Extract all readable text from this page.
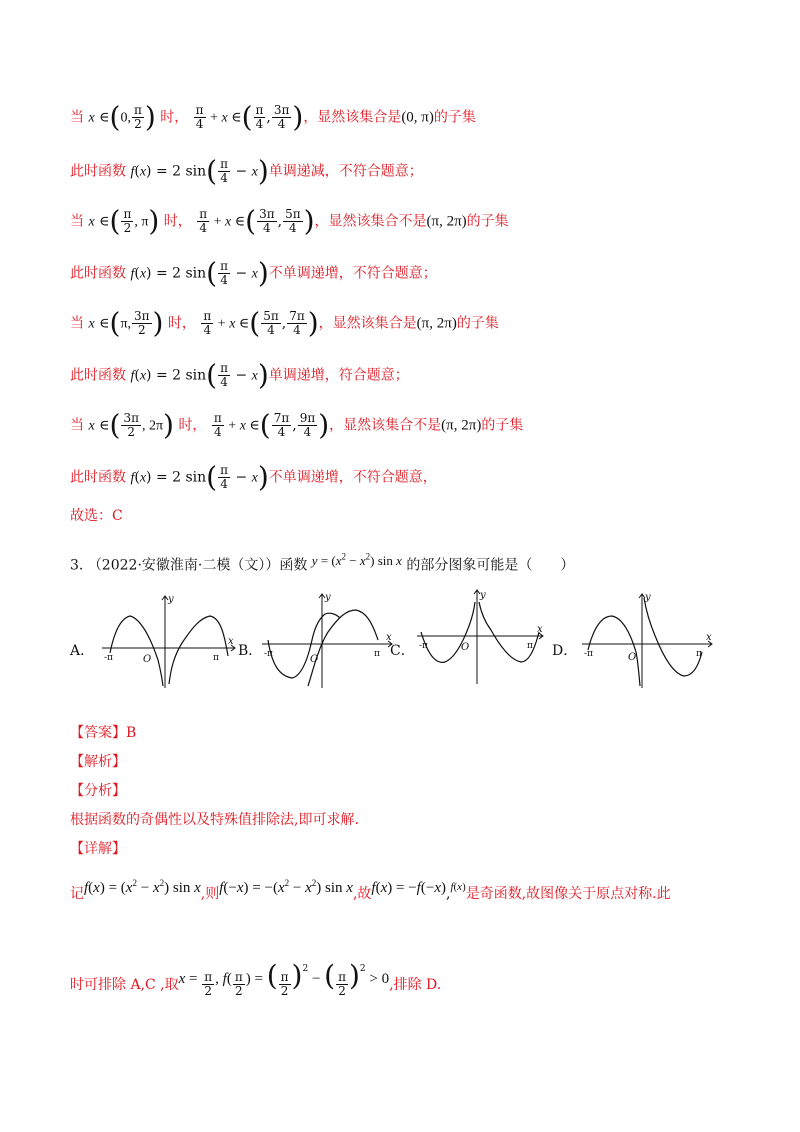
当 x ∈(0, $\frac{\pi}{2}$ ) 时， $\frac{\pi}{4} + x$ ∈( $\frac{\pi}{4}$ , $\frac{3\pi}{4}$ )，显然该集合是(0, π)的子集
此时函数 f(x) = 2 $\sin( \frac{\pi}{4} - x)$单调递减，不符合题意；
当 x ∈( $\frac{\pi}{2}$ , π) 时， $\frac{\pi}{4} + x$ ∈( $\frac{3\pi}{4}$ , $\frac{5\pi}{4}$ )，显然该集合不是(π, 2π)的子集
此时函数 f(x) = 2 $\sin( \frac{\pi}{4} - x)$不单调递增，不符合题意；
当 x ∈(π, $\frac{3\pi}{2}$ ) 时， $\frac{\pi}{4} + x$ ∈( $\frac{5\pi}{4}$ , $\frac{7\pi}{4}$ )，显然该集合是(π, 2π)的子集
此时函数 f(x) = 2 $\sin( \frac{\pi}{4} - x)$单调递增，符合题意；
当 x ∈( $\frac{3\pi}{2}$ , 2π) 时， $\frac{\pi}{4} + x$ ∈( $\frac{7\pi}{4}$ , $\frac{9\pi}{4}$ )，显然该集合不是(π, 2π)的子集
此时函数 f(x) = 2 $\sin( \frac{\pi}{4} - x)$不单调递增，不符合题意，
故选：C
3. （2022·安徽淮南·二模（文））函数 $y = (x^2 - x^2)$ sin x 的部分图象可能是（　　）
A．	B．	C．	D．
y
x
O
-π	π
y
x
O
-π	π
y
x
O
-π	π
y
x
O
-π	π
【答案】B
【解析】
【分析】
根据函数的奇偶性以及特殊值排除法,即可求解.
【详解】
记$f(x) = (x^2 - x^2)$ sin x,则$f(-x) = -(x^2 - x^2)$ sin x,故f(x) = −f(−x),$^{f(x)}$是奇函数,故图像关于原点对称.此
时可排除 A,C ,取$x = \frac{\pi}{2}$ , $f( \frac{\pi}{2}$ ) = ( $\frac{\pi}{2} )^2$ − ( $\frac{\pi}{2} )^2 > 0$,排除 D.
